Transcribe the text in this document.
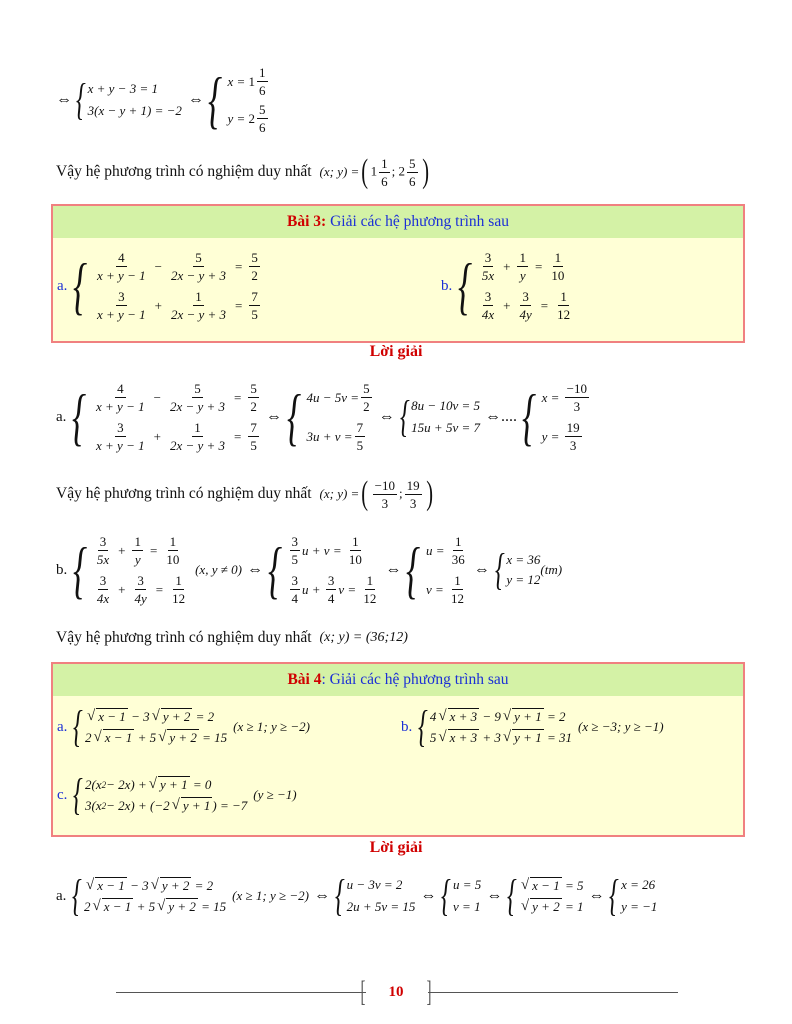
⇔ { x + y − 3 = 1
3(x − y + 1) = −2
⇔ { $x = 1 \frac{1}{6}$
$y = 2 \frac{5}{6}$
Vậy hệ phương trình có nghiệm duy nhất (x; y) = ( $1 \frac{1}{6}$ ; $2 \frac{5}{6}$ )
Bài 3:
Giải các hệ phương trình sau
a. { $\frac{4}{x + y - 1} - \frac{5}{2x - y + 3} = \frac{5}{2}$
$\frac{3}{x + y - 1} + \frac{1}{2x - y + 3} = \frac{7}{5}$
b. { $\frac{3}{5x} + \frac{1}{y} = \frac{1}{10}$
$\frac{3}{4x} + \frac{3}{4y} = \frac{1}{12}$
Lời giải
a. { $\frac{4}{x + y - 1} - \frac{5}{2x - y + 3} = \frac{5}{2}$
$\frac{3}{x + y - 1} + \frac{1}{2x - y + 3} = \frac{7}{5}$
⇔ { $4u - 5v = \frac{5}{2}$
$3u + v = \frac{7}{5}$
⇔ { 8u − 10v = 5
15u + 5v = 7
⇔.... { $x = \frac{-10}{3}$
$y = \frac{19}{3}$
Vậy hệ phương trình có nghiệm duy nhất (x; y) = ( $\frac{-10}{3}$ ; $\frac{19}{3}$ )
b. { $\frac{3}{5x} + \frac{1}{y} = \frac{1}{10}$
$\frac{3}{4x} + \frac{3}{4y} = \frac{1}{12}$
(x, y ≠ 0) ⇔ { $\frac{3}{5}$ $u + v = \frac{1}{10}$
$\frac{3}{4}$ $u + \frac{3}{4}$ $v = \frac{1}{12}$
⇔ { $u = \frac{1}{36}$
$v = \frac{1}{12}$
⇔ { x = 36
y = 12
(tm)
Vậy hệ phương trình có nghiệm duy nhất (x; y) = (36;12)
Bài 4 : Giải các hệ phương trình sau
a. { √ x − 1 − 3 √ y + 2 = 2
2 √ x − 1 + 5 √ y + 2 = 15
(x ≥ 1; y ≥ −2)	b. { 4 √ x + 3 − 9 √ y + 1 = 2
5 √ x + 3 + 3 √ y + 1 = 31
(x ≥ −3; y ≥ −1)
c. { 2(x 2 − 2x) + √ y + 1 = 0
3(x 2 − 2x) + (−2 √ y + 1 ) = −7
(y ≥ −1)
Lời giải
a. { √ x − 1 − 3 √ y + 2 = 2
2 √ x − 1 + 5 √ y + 2 = 15
(x ≥ 1; y ≥ −2) ⇔ { u − 3v = 2
2u + 5v = 15
⇔ { u = 5
v = 1
⇔ { √ x − 1
= 5
√ y + 2
= 1
⇔ { x = 26
y = −1
[ 10 ]
